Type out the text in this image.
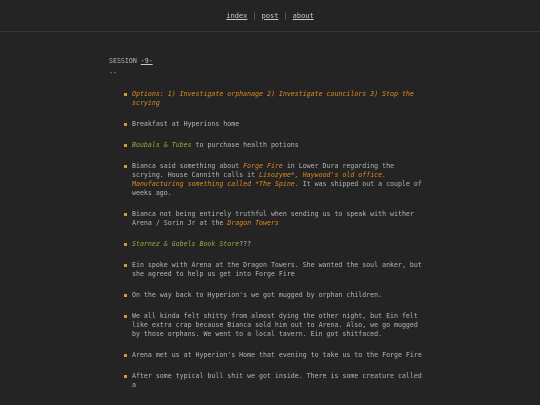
index | post | about
SESSION -9-
--
Options: 1) Investigate orphanage 2) Investigate councilors 3) Stop the scrying
Breakfast at Hyperions home
Boubals & Tubes to purchase health potions
Bianca said something about Forge Fire in Lower Dura regarding the scrying. House Cannith calls it Lisozyme*, Haywood's old office. Manufacturing something called *The Spine. It was shipped out a couple of weeks ago.
Bianca not being entirely truthful when sending us to speak with wither Arena / Sorin Jr at the Dragon Towers
Starnez & Gobels Book Store???
Ein spoke with Arena at the Dragon Towers. She wanted the soul anker, but she agreed to help us get into Forge Fire
On the way back to Hyperion's we got mugged by orphan children.
We all kinda felt shitty from almost dying the other night, but Ein felt like extra crap because Bianca sold him out to Arena. Also, we go mugged by those orphans. We went to a local tavern. Ein got shitfaced.
Arena met us at Hyperion's Home that evening to take us to the Forge Fire
After some typical bull shit we got inside. There is some creature called a
